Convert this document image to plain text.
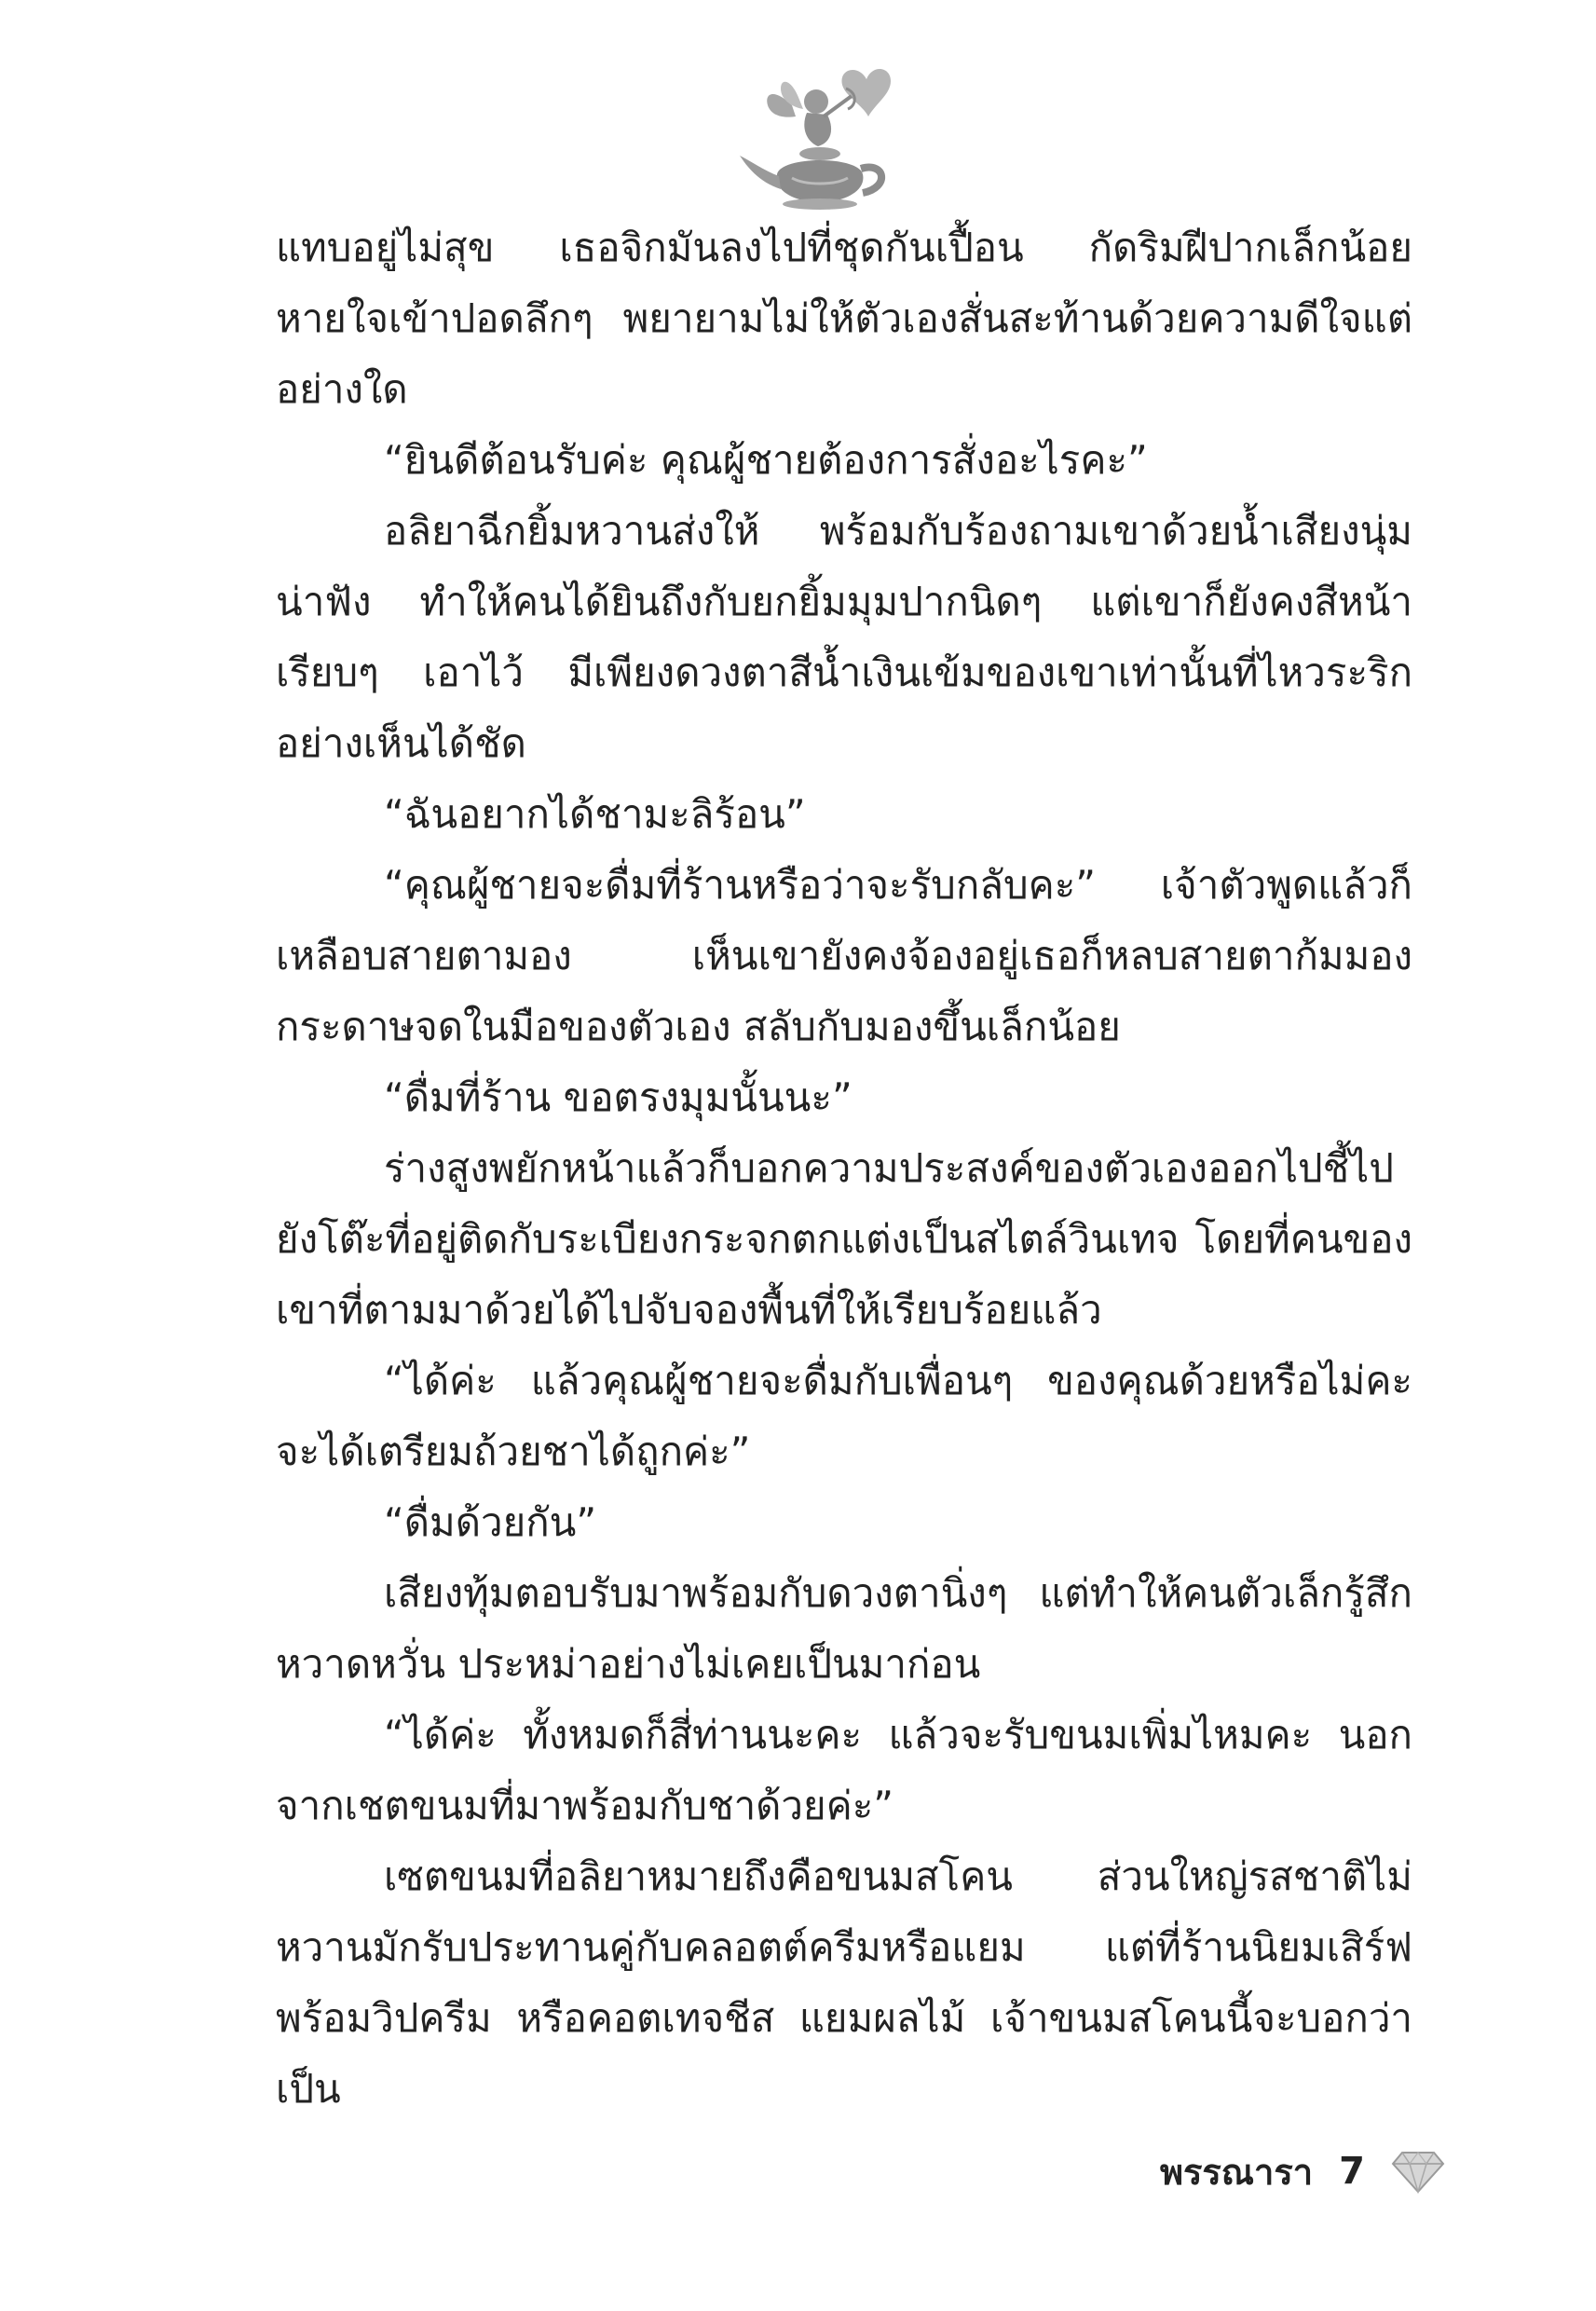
แทบอยู่ไม่สุข เธอจิกมันลงไปที่ชุดกันเปื้อน กัดริมฝีปากเล็กน้อย หายใจเข้าปอดลึกๆ พยายามไม่ให้ตัวเองสั่นสะท้านด้วยความดีใจแต่อย่างใด

“ยินดีต้อนรับค่ะ คุณผู้ชายต้องการสั่งอะไรคะ”

อลิยาฉีกยิ้มหวานส่งให้ พร้อมกับร้องถามเขาด้วยน้ำเสียงนุ่มน่าฟัง ทำให้คนได้ยินถึงกับยกยิ้มมุมปากนิดๆ แต่เขาก็ยังคงสีหน้าเรียบๆ เอาไว้ มีเพียงดวงตาสีน้ำเงินเข้มของเขาเท่านั้นที่ไหวระริกอย่างเห็นได้ชัด

“ฉันอยากได้ชามะลิร้อน”

“คุณผู้ชายจะดื่มที่ร้านหรือว่าจะรับกลับคะ” เจ้าตัวพูดแล้วก็เหลือบสายตามอง เห็นเขายังคงจ้องอยู่เธอก็หลบสายตาก้มมองกระดาษจดในมือของตัวเอง สลับกับมองขึ้นเล็กน้อย

“ดื่มที่ร้าน ขอตรงมุมนั้นนะ”

ร่างสูงพยักหน้าแล้วก็บอกความประสงค์ของตัวเองออกไปชี้ไปยังโต๊ะที่อยู่ติดกับระเบียงกระจกตกแต่งเป็นสไตล์วินเทจ โดยที่คนของเขาที่ตามมาด้วยได้ไปจับจองพื้นที่ให้เรียบร้อยแล้ว

“ได้ค่ะ แล้วคุณผู้ชายจะดื่มกับเพื่อนๆ ของคุณด้วยหรือไม่คะจะได้เตรียมถ้วยชาได้ถูกค่ะ”

“ดื่มด้วยกัน”

เสียงทุ้มตอบรับมาพร้อมกับดวงตานิ่งๆ แต่ทำให้คนตัวเล็กรู้สึกหวาดหวั่น ประหม่าอย่างไม่เคยเป็นมาก่อน

“ได้ค่ะ ทั้งหมดก็สี่ท่านนะคะ แล้วจะรับขนมเพิ่มไหมคะ นอกจากเชตขนมที่มาพร้อมกับชาด้วยค่ะ”

เซตขนมที่อลิยาหมายถึงคือขนมสโคน ส่วนใหญ่รสชาติไม่หวานมักรับประทานคู่กับคลอตต์ครีมหรือแยม แต่ที่ร้านนิยมเสิร์ฟพร้อมวิปครีม หรือคอตเทจชีส แยมผลไม้ เจ้าขนมสโคนนี้จะบอกว่าเป็น

พรรณารา 7
